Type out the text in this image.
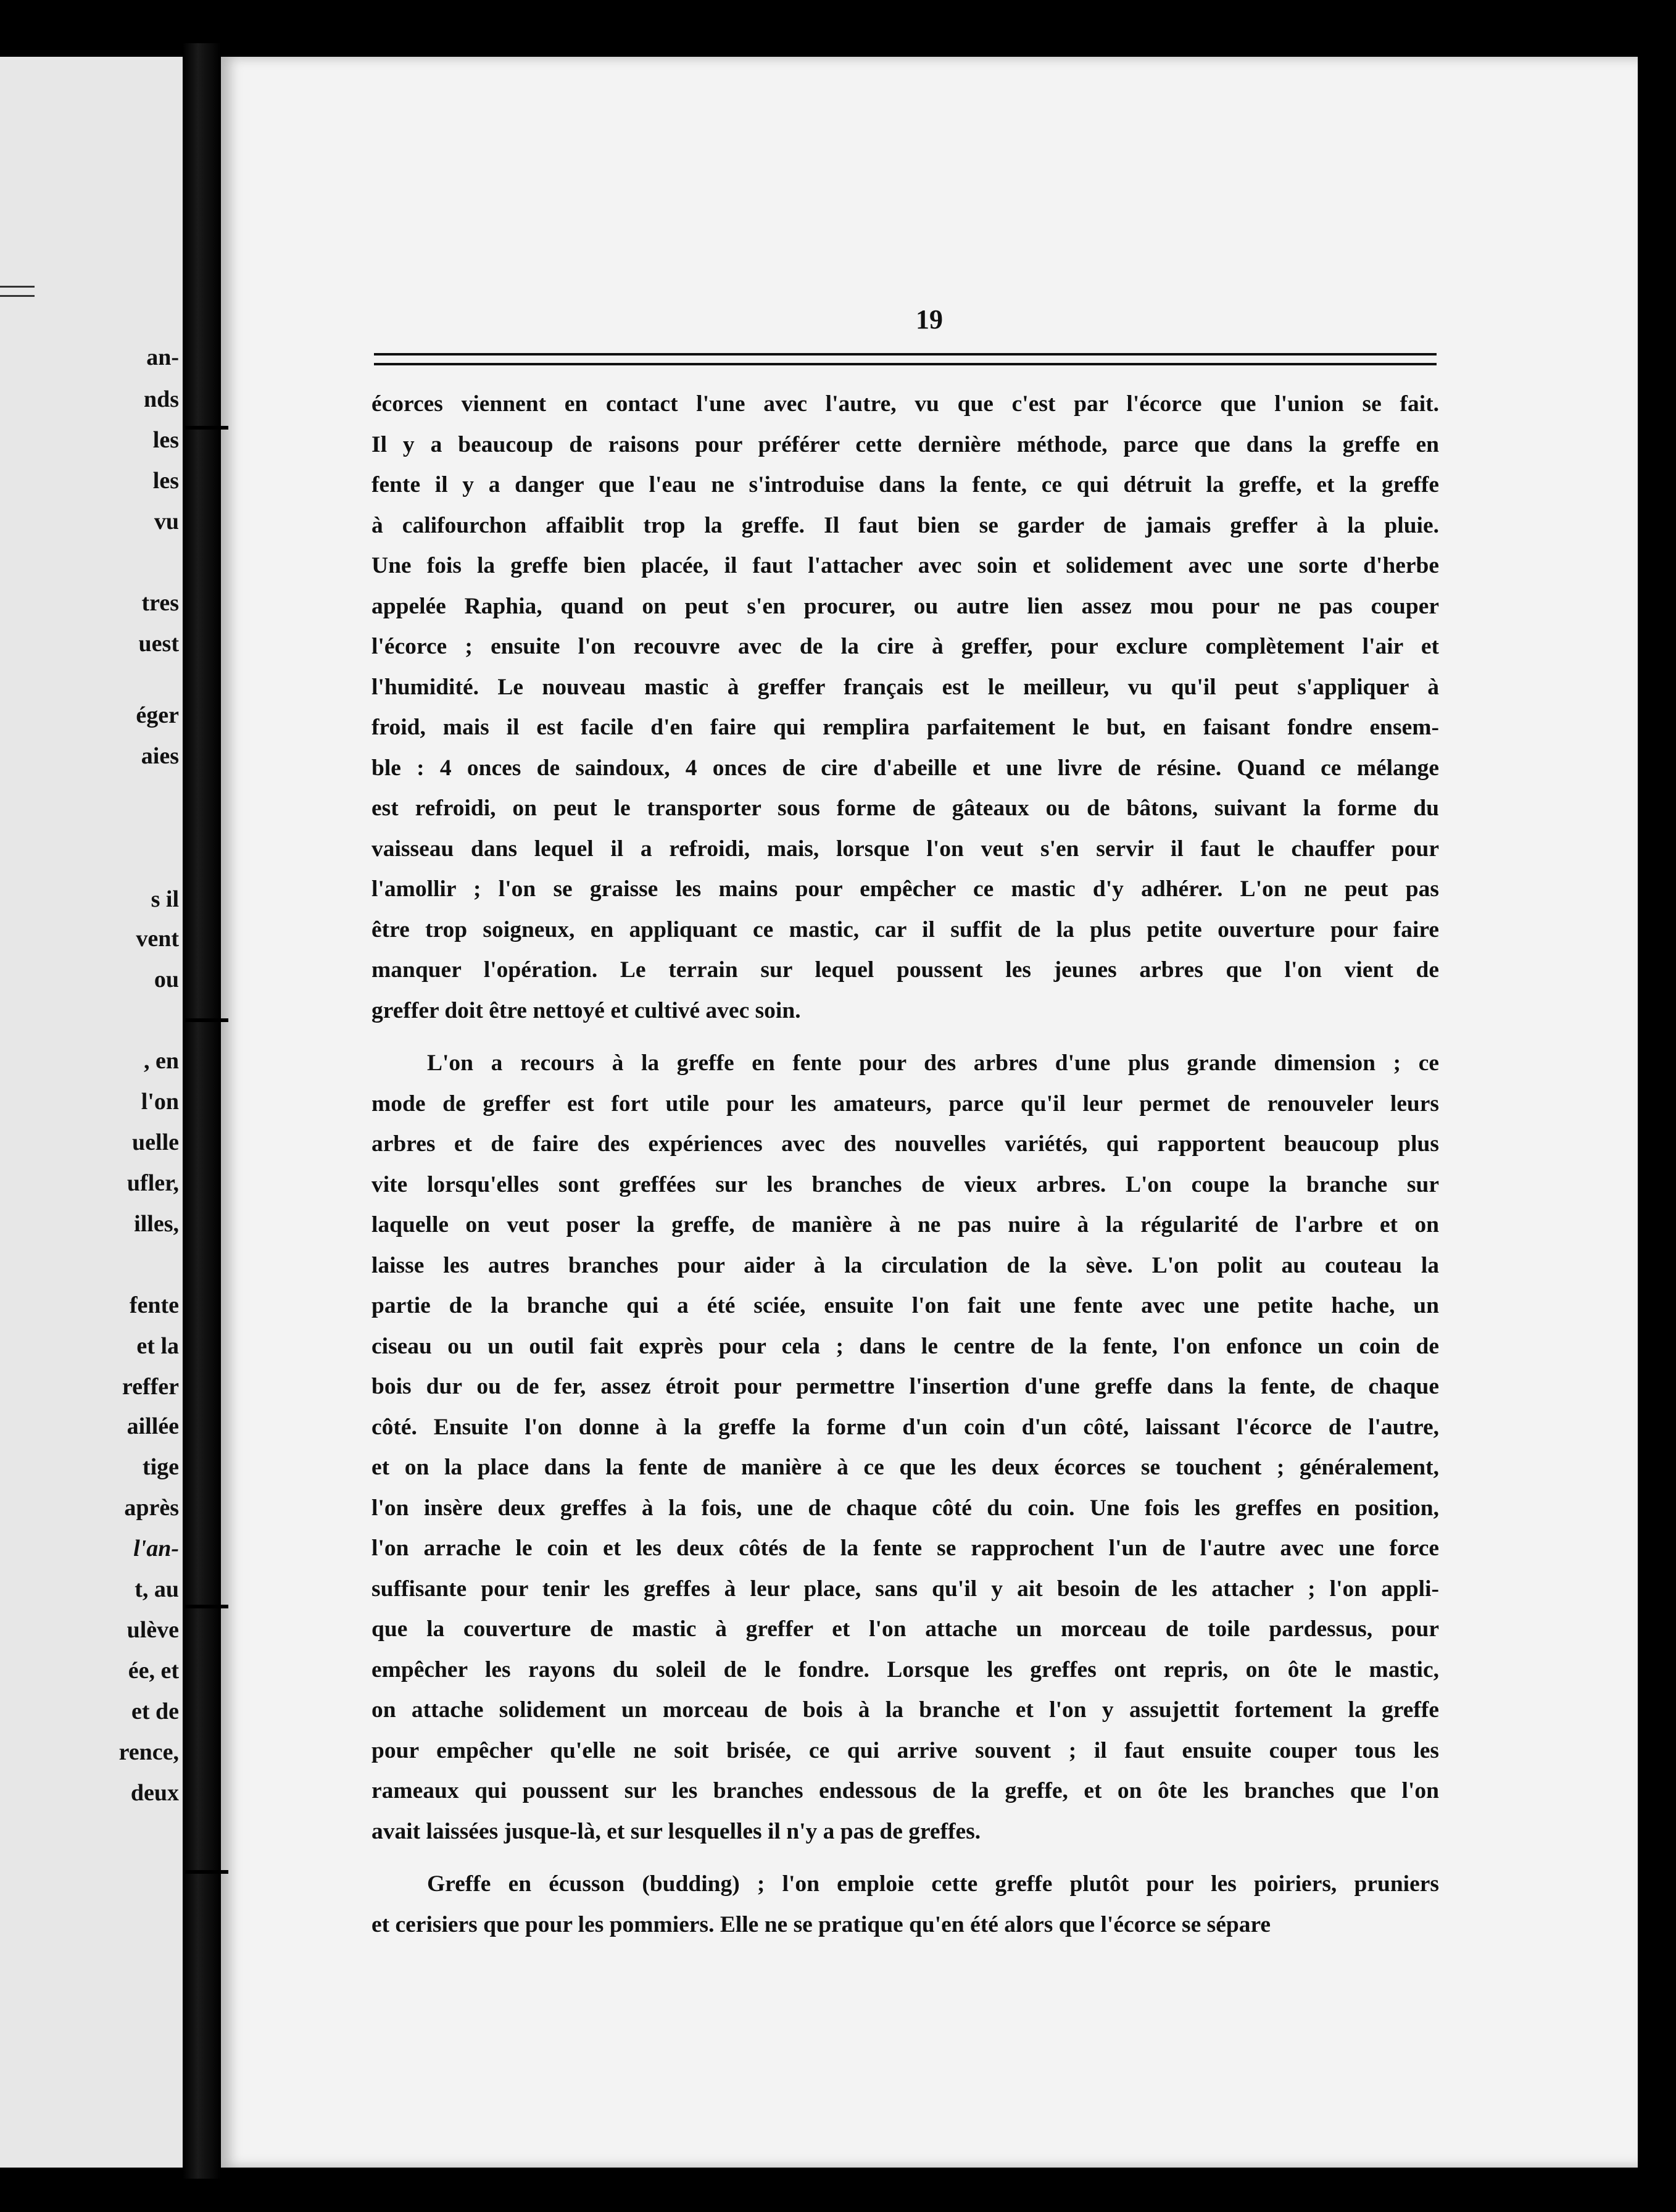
an-
nds
les
les
vu
tres
uest
éger
aies
s il
vent
ou
, en
l'on
uelle
ufler,
illes,
fente
et la
reffer
aillée
tige
après
l'an-
t, au
ulève
ée, et
et de
rence,
deux
19
écorces viennent en contact l'une avec l'autre, vu que c'est par l'écorce que l'union se fait.
Il y a beaucoup de raisons pour préférer cette dernière méthode, parce que dans la greffe en
fente il y a danger que l'eau ne s'introduise dans la fente, ce qui détruit la greffe, et la greffe
à califourchon affaiblit trop la greffe. Il faut bien se garder de jamais greffer à la pluie.
Une fois la greffe bien placée, il faut l'attacher avec soin et solidement avec une sorte d'herbe
appelée Raphia, quand on peut s'en procurer, ou autre lien assez mou pour ne pas couper
l'écorce ; ensuite l'on recouvre avec de la cire à greffer, pour exclure complètement l'air et
l'humidité. Le nouveau mastic à greffer français est le meilleur, vu qu'il peut s'appliquer à
froid, mais il est facile d'en faire qui remplira parfaitement le but, en faisant fondre ensem-
ble : 4 onces de saindoux, 4 onces de cire d'abeille et une livre de résine. Quand ce mélange
est refroidi, on peut le transporter sous forme de gâteaux ou de bâtons, suivant la forme du
vaisseau dans lequel il a refroidi, mais, lorsque l'on veut s'en servir il faut le chauffer pour
l'amollir ; l'on se graisse les mains pour empêcher ce mastic d'y adhérer. L'on ne peut pas
être trop soigneux, en appliquant ce mastic, car il suffit de la plus petite ouverture pour faire
manquer l'opération. Le terrain sur lequel poussent les jeunes arbres que l'on vient de
greffer doit être nettoyé et cultivé avec soin.
L'on a recours à la greffe en fente pour des arbres d'une plus grande dimension ; ce
mode de greffer est fort utile pour les amateurs, parce qu'il leur permet de renouveler leurs
arbres et de faire des expériences avec des nouvelles variétés, qui rapportent beaucoup plus
vite lorsqu'elles sont greffées sur les branches de vieux arbres. L'on coupe la branche sur
laquelle on veut poser la greffe, de manière à ne pas nuire à la régularité de l'arbre et on
laisse les autres branches pour aider à la circulation de la sève. L'on polit au couteau la
partie de la branche qui a été sciée, ensuite l'on fait une fente avec une petite hache, un
ciseau ou un outil fait exprès pour cela ; dans le centre de la fente, l'on enfonce un coin de
bois dur ou de fer, assez étroit pour permettre l'insertion d'une greffe dans la fente, de chaque
côté. Ensuite l'on donne à la greffe la forme d'un coin d'un côté, laissant l'écorce de l'autre,
et on la place dans la fente de manière à ce que les deux écorces se touchent ; généralement,
l'on insère deux greffes à la fois, une de chaque côté du coin. Une fois les greffes en position,
l'on arrache le coin et les deux côtés de la fente se rapprochent l'un de l'autre avec une force
suffisante pour tenir les greffes à leur place, sans qu'il y ait besoin de les attacher ; l'on appli-
que la couverture de mastic à greffer et l'on attache un morceau de toile pardessus, pour
empêcher les rayons du soleil de le fondre. Lorsque les greffes ont repris, on ôte le mastic,
on attache solidement un morceau de bois à la branche et l'on y assujettit fortement la greffe
pour empêcher qu'elle ne soit brisée, ce qui arrive souvent ; il faut ensuite couper tous les
rameaux qui poussent sur les branches endessous de la greffe, et on ôte les branches que l'on
avait laissées jusque-là, et sur lesquelles il n'y a pas de greffes.
Greffe en écusson (budding) ; l'on emploie cette greffe plutôt pour les poiriers, pruniers
et cerisiers que pour les pommiers. Elle ne se pratique qu'en été alors que l'écorce se sépare
